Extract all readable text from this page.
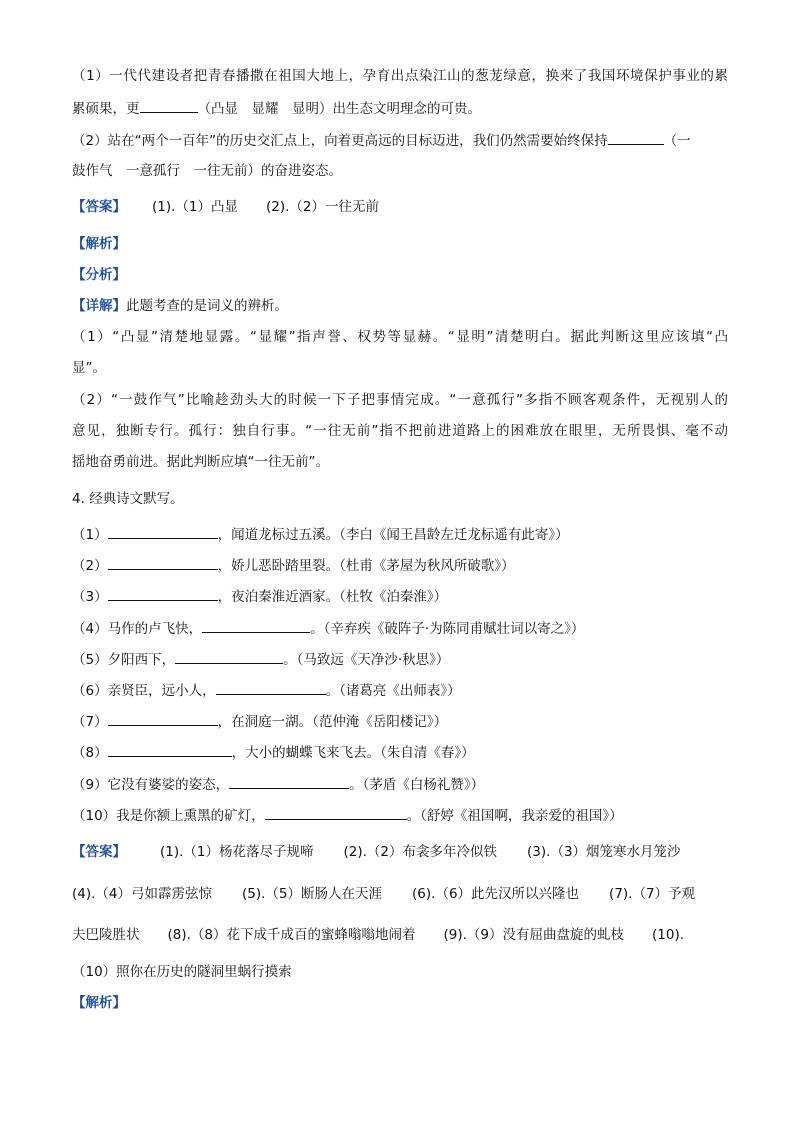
（1）一代代建设者把青春播撒在祖国大地上，孕育出点染江山的葱茏绿意，换来了我国环境保护事业的累
累硕果，更	（凸显　显耀　显明）出生态文明理念的可贵。
（2）站在“两个一百年”的历史交汇点上，向着更高远的目标迈进，我们仍然需要始终保持	（一
鼓作气　一意孤行　一往无前）的奋进姿态。
【答案】 (1).（1）凸显 (2).（2）一往无前
【解析】
【分析】
【详解】此题考查的是词义的辨析。
（1）“凸显”清楚地显露。“显耀”指声誉、权势等显赫。“显明”清楚明白。据此判断这里应该填“凸
显”。
（2）“一鼓作气”比喻趁劲头大的时候一下子把事情完成。“一意孤行”多指不顾客观条件，无视别人的
意见，独断专行。孤行：独自行事。“一往无前”指不把前进道路上的困难放在眼里，无所畏惧、毫不动
摇地奋勇前进。据此判断应填“一往无前”。
4. 经典诗文默写。
（1）	，闻道龙标过五溪。（李白《闻王昌龄左迁龙标遥有此寄》）
（2）	，娇儿恶卧踏里裂。（杜甫《茅屋为秋风所破歌》）
（3）	，夜泊秦淮近酒家。（杜牧《泊秦淮》）
（4）马作的卢飞快，	。（辛弃疾《破阵子·为陈同甫赋壮词以寄之》）
（5）夕阳西下，	。（马致远《天净沙·秋思》）
（6）亲贤臣，远小人，	。（诸葛亮《出师表》）
（7）	，在洞庭一湖。（范仲淹《岳阳楼记》）
（8）	，大小的蝴蝶飞来飞去。（朱自清《春》）
（9）它没有婆娑的姿态，	。（茅盾《白杨礼赞》）
（10）我是你额上熏黑的矿灯，	。（舒婷《祖国啊，我亲爱的祖国》）
【答案】	(1).（1）杨花落尽子规啼 (2).（2）布衾多年冷似铁 (3).（3）烟笼寒水月笼沙
(4).（4）弓如霹雳弦惊 (5).（5）断肠人在天涯 (6).（6）此先汉所以兴隆也 (7).（7）予观
夫巴陵胜状 (8).（8）花下成千成百的蜜蜂嗡嗡地闹着 (9).（9）没有屈曲盘旋的虬枝 (10).
（10）照你在历史的隧洞里蜗行摸索
【解析】
